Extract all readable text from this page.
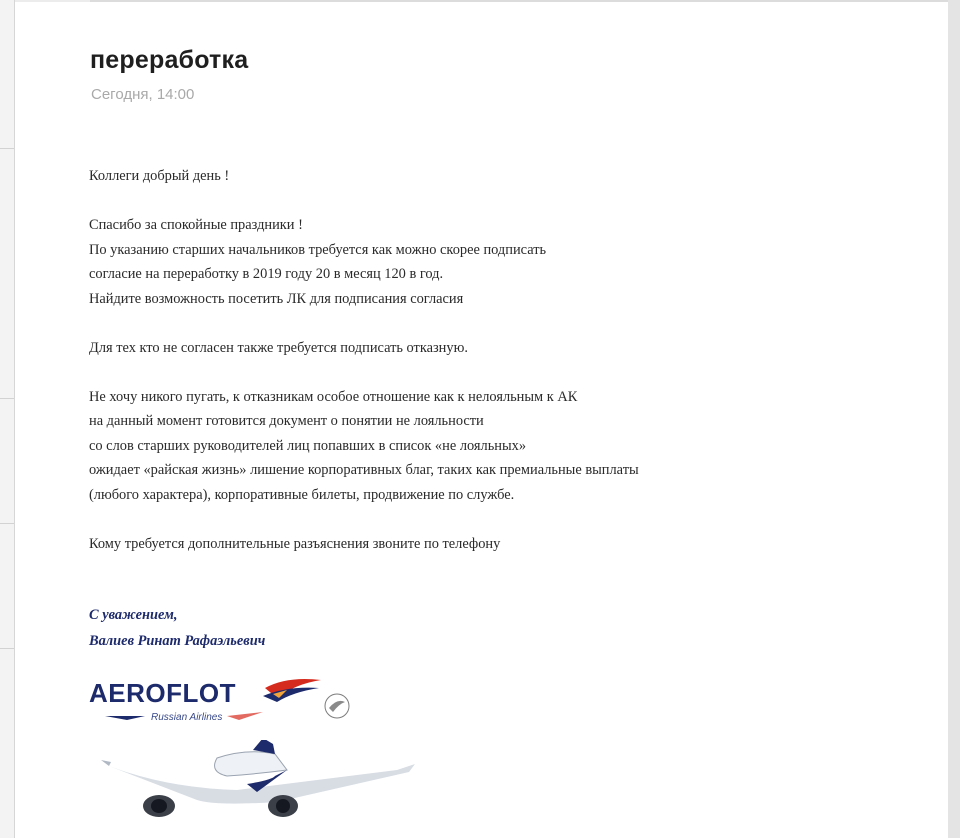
переработка
Сегодня, 14:00
Коллеги добрый день !
Спасибо за спокойные праздники !
По указанию старших начальников требуется как можно скорее подписать
согласие на переработку в 2019 году 20 в месяц 120 в год.
Найдите возможность посетить ЛК для подписания согласия
Для тех кто не согласен также требуется подписать отказную.
Не хочу никого пугать, к отказникам особое отношение как к нелояльным к АК
на данный момент готовится документ о понятии не лояльности
со слов старших руководителей лиц попавших в список «не лояльных»
ожидает «райская жизнь» лишение корпоративных благ, таких как премиальные выплаты
(любого характера), корпоративные билеты, продвижение по службе.
Кому требуется дополнительные разъяснения звоните по телефону
С уважением,
Валиев Ринат Рафаэльевич
AEROFLOT
Russian Airlines
